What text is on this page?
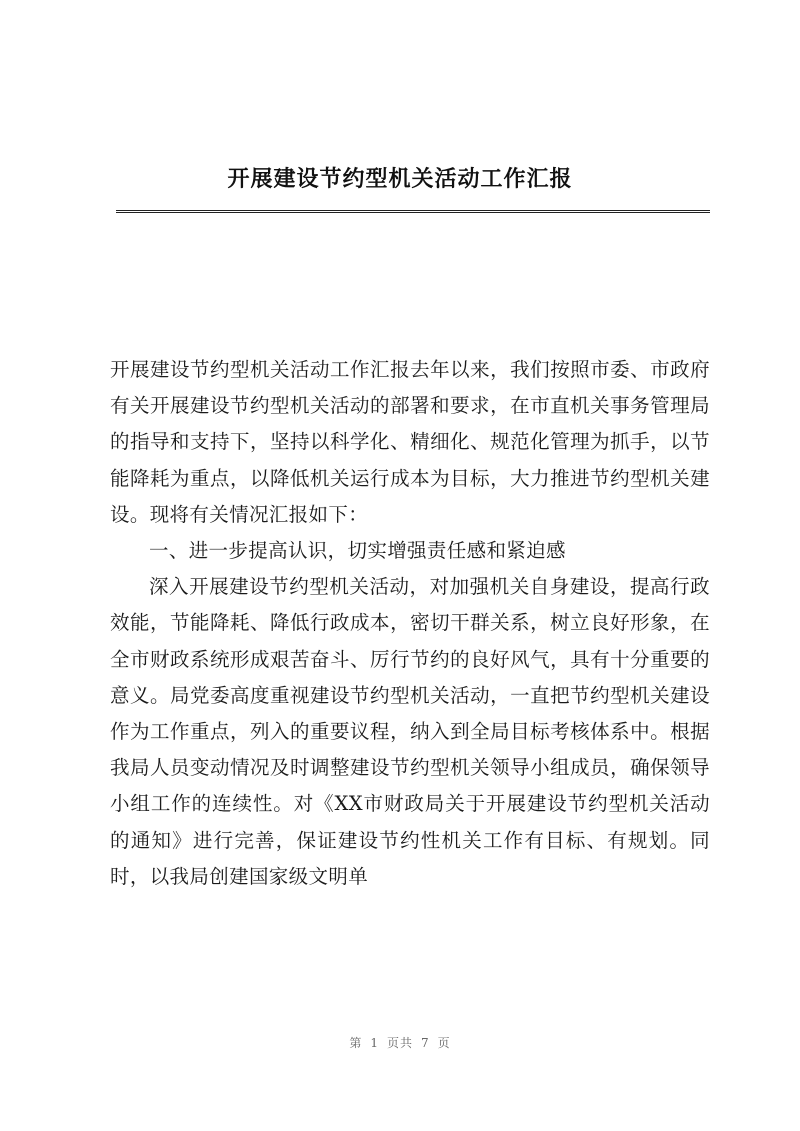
开展建设节约型机关活动工作汇报

开展建设节约型机关活动工作汇报去年以来，我们按照市委、市政府有关开展建设节约型机关活动的部署和要求，在市直机关事务管理局的指导和支持下，坚持以科学化、精细化、规范化管理为抓手，以节能降耗为重点，以降低机关运行成本为目标，大力推进节约型机关建设。现将有关情况汇报如下：

一、进一步提高认识，切实增强责任感和紧迫感

深入开展建设节约型机关活动，对加强机关自身建设，提高行政效能，节能降耗、降低行政成本，密切干群关系，树立良好形象，在全市财政系统形成艰苦奋斗、厉行节约的良好风气，具有十分重要的意义。局党委高度重视建设节约型机关活动，一直把节约型机关建设作为工作重点，列入的重要议程，纳入到全局目标考核体系中。根据我局人员变动情况及时调整建设节约型机关领导小组成员，确保领导小组工作的连续性。对《XX市财政局关于开展建设节约型机关活动的通知》进行完善，保证建设节约性机关工作有目标、有规划。同时，以我局创建国家级文明单

第 1 页共 7 页
